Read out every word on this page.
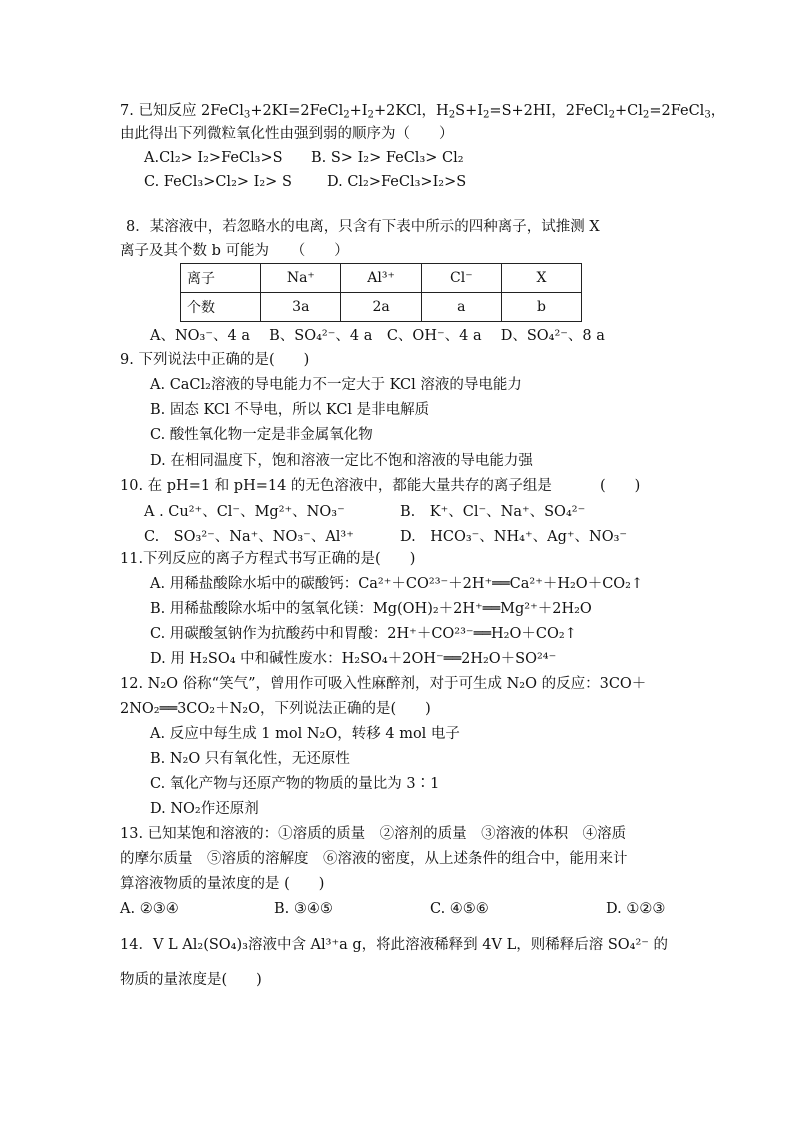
7. 已知反应 $2FeCl_3+2KI=2FeCl_2+I_2+2KCl$，$H_2S+I_2=S+2HI$，$2FeCl_2+Cl_2=2FeCl_3$，
由此得出下列微粒氧化性由强到弱的顺序为（　　）
A.Cl₂> I₂>FeCl₃>S B. S> I₂> FeCl₃> Cl₂
C. FeCl₃>Cl₂> I₂> S D. Cl₂>FeCl₃>I₂>S
8．某溶液中，若忽略水的电离，只含有下表中所示的四种离子，试推测 X
离子及其个数 b 可能为　　（　　）
离子	Na⁺	Al³⁺	Cl⁻	X
个数	3a	2a	a	b
A、NO₃⁻、4 a　 B、SO₄²⁻、4 a　C、OH⁻、4 a　 D、SO₄²⁻、8 a
9. 下列说法中正确的是(　　)
A. CaCl₂溶液的导电能力不一定大于 KCl 溶液的导电能力
B. 固态 KCl 不导电，所以 KCl 是非电解质
C. 酸性氧化物一定是非金属氧化物
D. 在相同温度下，饱和溶液一定比不饱和溶液的导电能力强
10. 在 pH=1 和 pH=14 的无色溶液中，都能大量共存的离子组是	(　　)
A . Cu²⁺、Cl⁻、Mg²⁺、NO₃⁻	B.　K⁺、Cl⁻、Na⁺、SO₄²⁻
C.　SO₃²⁻、Na⁺、NO₃⁻、Al³⁺	D.　HCO₃⁻、NH₄⁺、Ag⁺、NO₃⁻
11.下列反应的离子方程式书写正确的是(　　)
A. 用稀盐酸除水垢中的碳酸钙：Ca²⁺＋CO²³⁻＋2H⁺══Ca²⁺＋H₂O＋CO₂↑
B. 用稀盐酸除水垢中的氢氧化镁：Mg(OH)₂＋2H⁺══Mg²⁺＋2H₂O
C. 用碳酸氢钠作为抗酸药中和胃酸：2H⁺＋CO²³⁻══H₂O＋CO₂↑
D. 用 H₂SO₄ 中和碱性废水：H₂SO₄＋2OH⁻══2H₂O＋SO²⁴⁻
12. N₂O 俗称“笑气”，曾用作可吸入性麻醉剂，对于可生成 N₂O 的反应：3CO＋
2NO₂══3CO₂＋N₂O，下列说法正确的是(　　)
A. 反应中每生成 1 mol N₂O，转移 4 mol 电子
B. N₂O 只有氧化性，无还原性
C. 氧化产物与还原产物的物质的量比为 3∶1
D. NO₂作还原剂
13. 已知某饱和溶液的：①溶质的质量　②溶剂的质量　③溶液的体积　④溶质
的摩尔质量　⑤溶质的溶解度　⑥溶液的密度，从上述条件的组合中，能用来计
算溶液物质的量浓度的是 (　　)
A. ②③④	B. ③④⑤	C. ④⑤⑥	D. ①②③
14．V L Al₂(SO₄)₃溶液中含 Al³⁺a g，将此溶液稀释到 4V L，则稀释后溶 SO₄²⁻ 的
物质的量浓度是(　　)
